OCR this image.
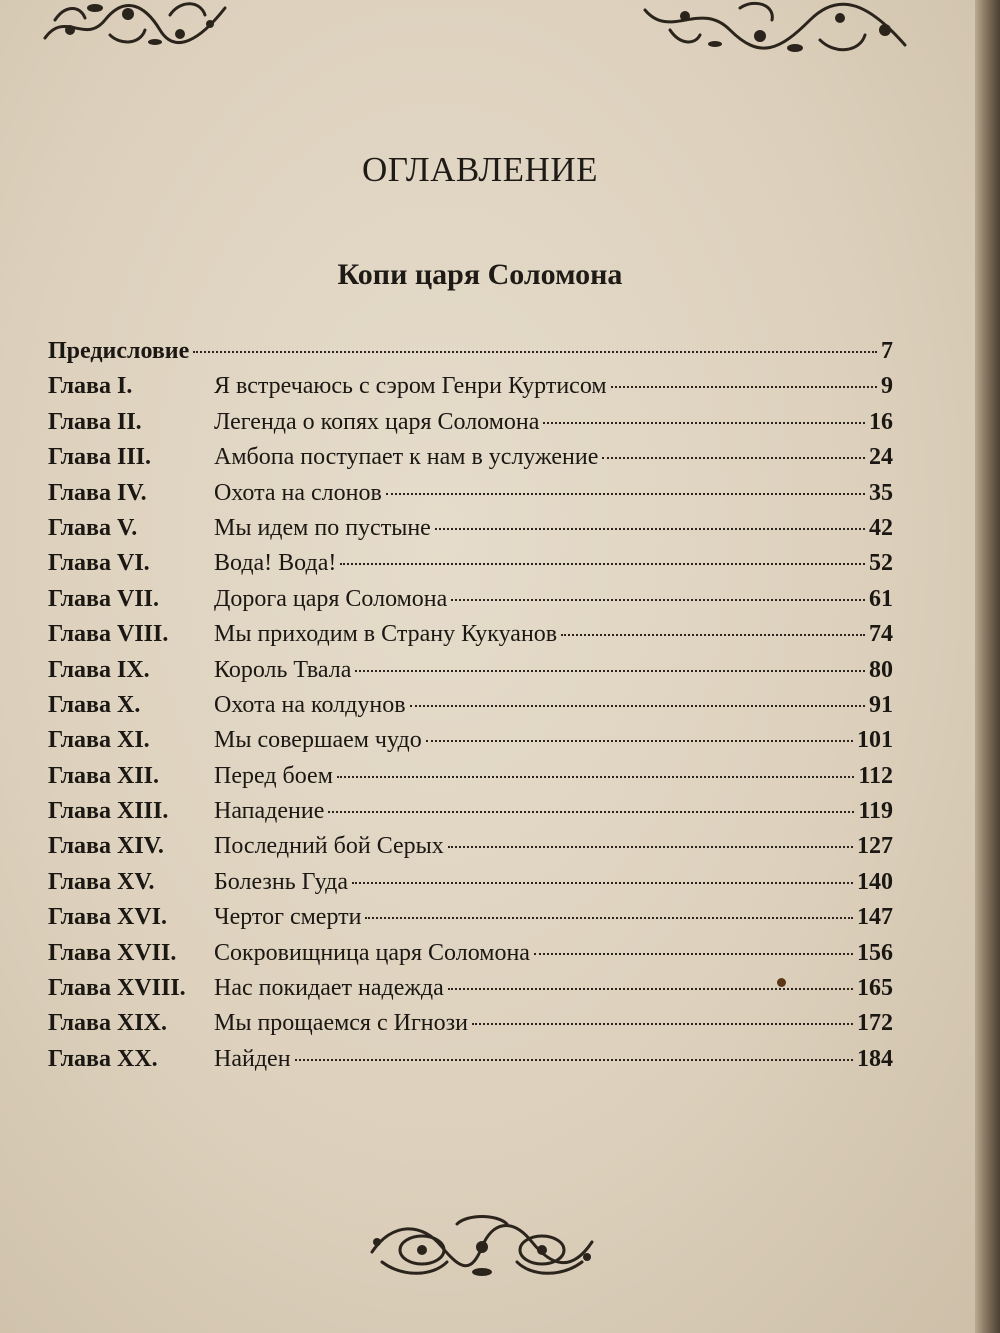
ОГЛАВЛЕНИЕ
Копи царя Соломона
Предисловие	7
Глава I.	Я встречаюсь с сэром Генри Куртисом	9
Глава II.	Легенда о копях царя Соломона	16
Глава III.	Амбопа поступает к нам в услужение	24
Глава IV.	Охота на слонов	35
Глава V.	Мы идем по пустыне	42
Глава VI.	Вода! Вода!	52
Глава VII.	Дорога царя Соломона	61
Глава VIII.	Мы приходим в Страну Кукуанов	74
Глава IX.	Король Твала	80
Глава X.	Охота на колдунов	91
Глава XI.	Мы совершаем чудо	101
Глава XII.	Перед боем	112
Глава XIII.	Нападение	119
Глава XIV.	Последний бой Серых	127
Глава XV.	Болезнь Гуда	140
Глава XVI.	Чертог смерти	147
Глава XVII.	Сокровищница царя Соломона	156
Глава XVIII.	Нас покидает надежда	165
Глава XIX.	Мы прощаемся с Игнози	172
Глава XX.	Найден	184
